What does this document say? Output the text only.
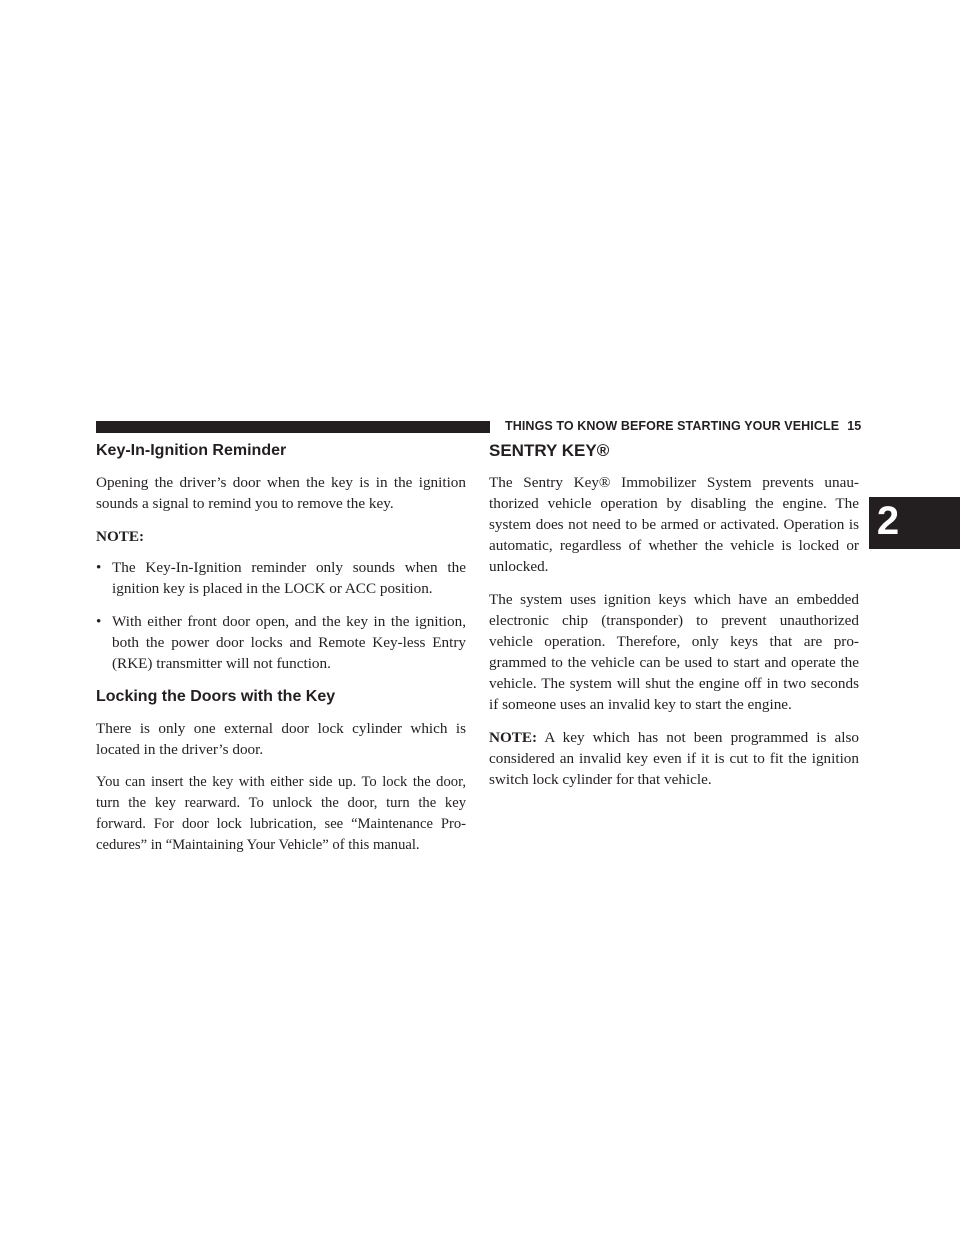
THINGS TO KNOW BEFORE STARTING YOUR VEHICLE 15
2
Key-In-Ignition Reminder

Opening the driver’s door when the key is in the ignition sounds a signal to remind you to remove the key.

NOTE:

• The Key-In-Ignition reminder only sounds when the ignition key is placed in the LOCK or ACC position.
• With either front door open, and the key in the ignition, both the power door locks and Remote Key-less Entry (RKE) transmitter will not function.
Locking the Doors with the Key

There is only one external door lock cylinder which is located in the driver’s door.

You can insert the key with either side up. To lock the door, turn the key rearward. To unlock the door, turn the key forward. For door lock lubrication, see “Maintenance Pro-cedures” in “Maintaining Your Vehicle” of this manual.

SENTRY KEY®

The Sentry Key® Immobilizer System prevents unau-thorized vehicle operation by disabling the engine. The system does not need to be armed or activated. Operation is automatic, regardless of whether the vehicle is locked or unlocked.

The system uses ignition keys which have an embedded electronic chip (transponder) to prevent unauthorized vehicle operation. Therefore, only keys that are pro-grammed to the vehicle can be used to start and operate the vehicle. The system will shut the engine off in two seconds if someone uses an invalid key to start the engine.

NOTE: A key which has not been programmed is also considered an invalid key even if it is cut to fit the ignition switch lock cylinder for that vehicle.
